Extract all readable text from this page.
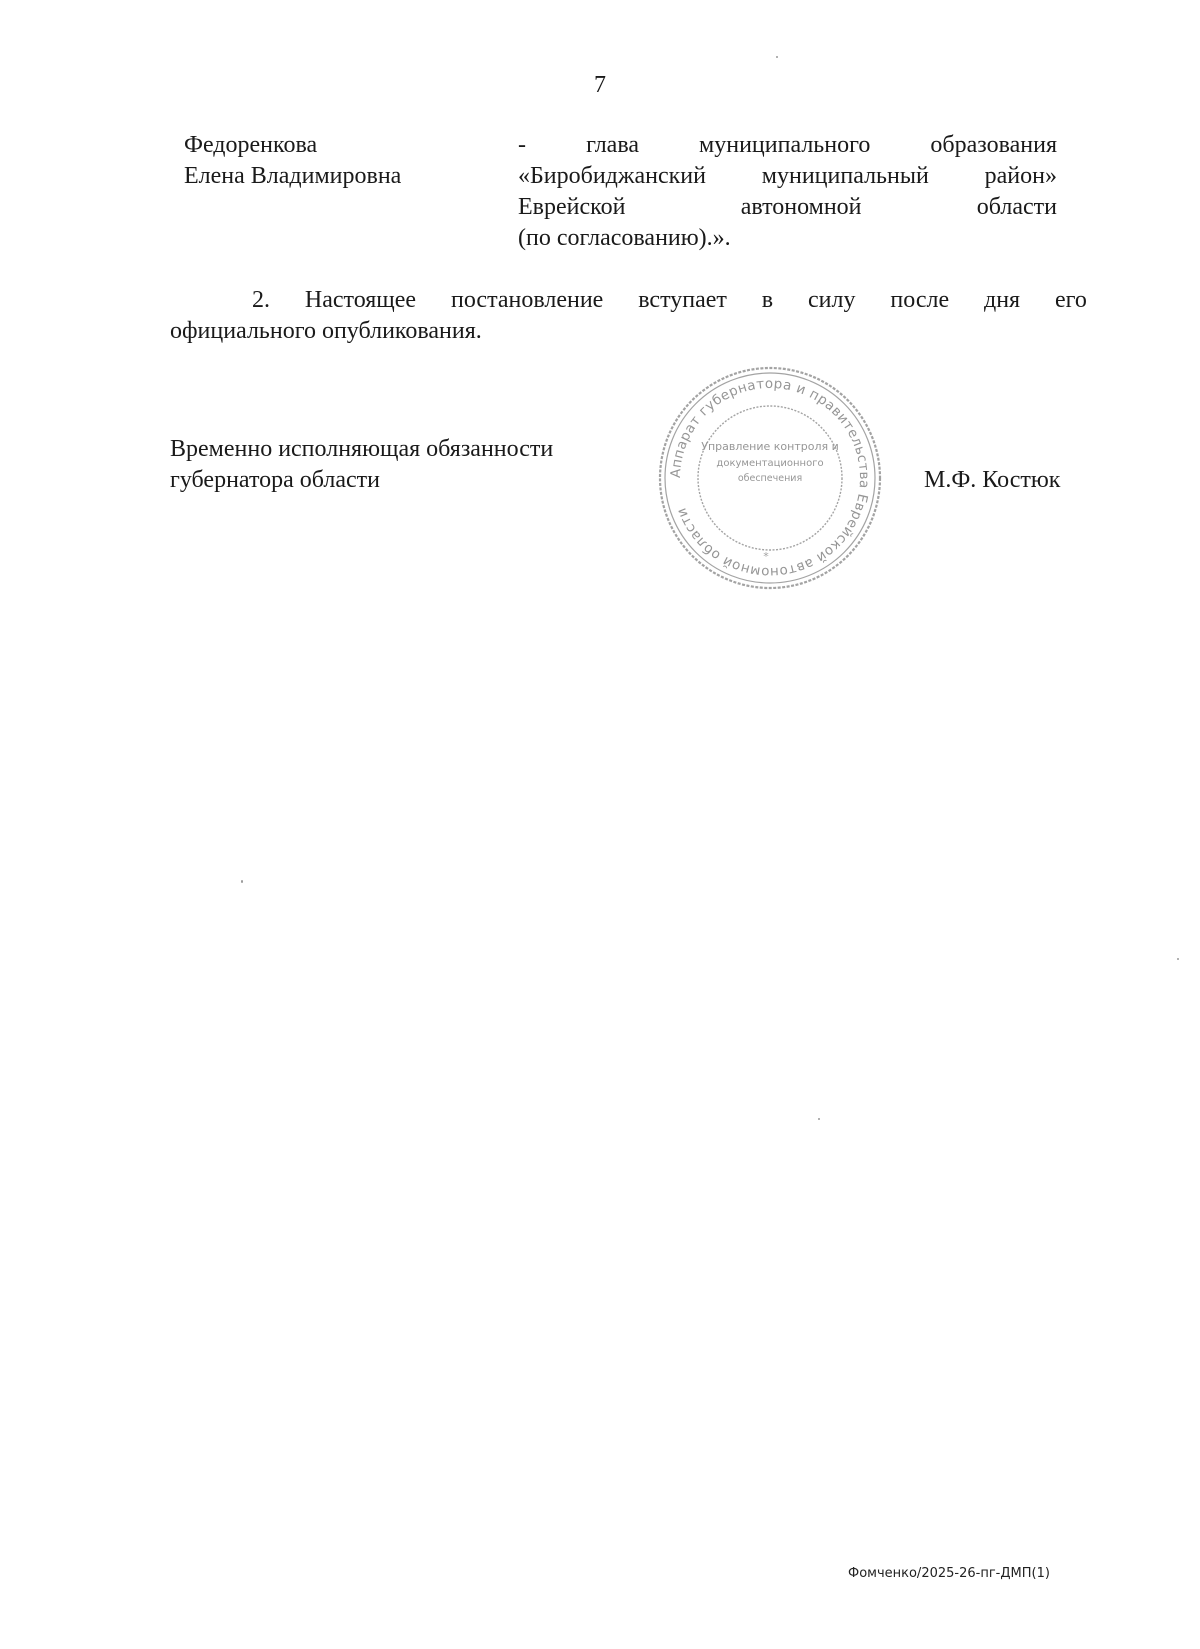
7
Федоренкова
Елена Владимировна
-	глава	муниципального	образования
«Биробиджанский муниципальный район»
Еврейской	автономной	области
(по согласованию).».
2. Настоящее постановление вступает в силу после дня его
официального опубликования.
Временно исполняющая обязанности
губернатора области	Аппарат губернатора и правительства Еврейской автономной области
Управление контроля и
документационного
обеспечения
*
М.Ф. Костюк
Фомченко/2025-26-пг-ДМП(1)
